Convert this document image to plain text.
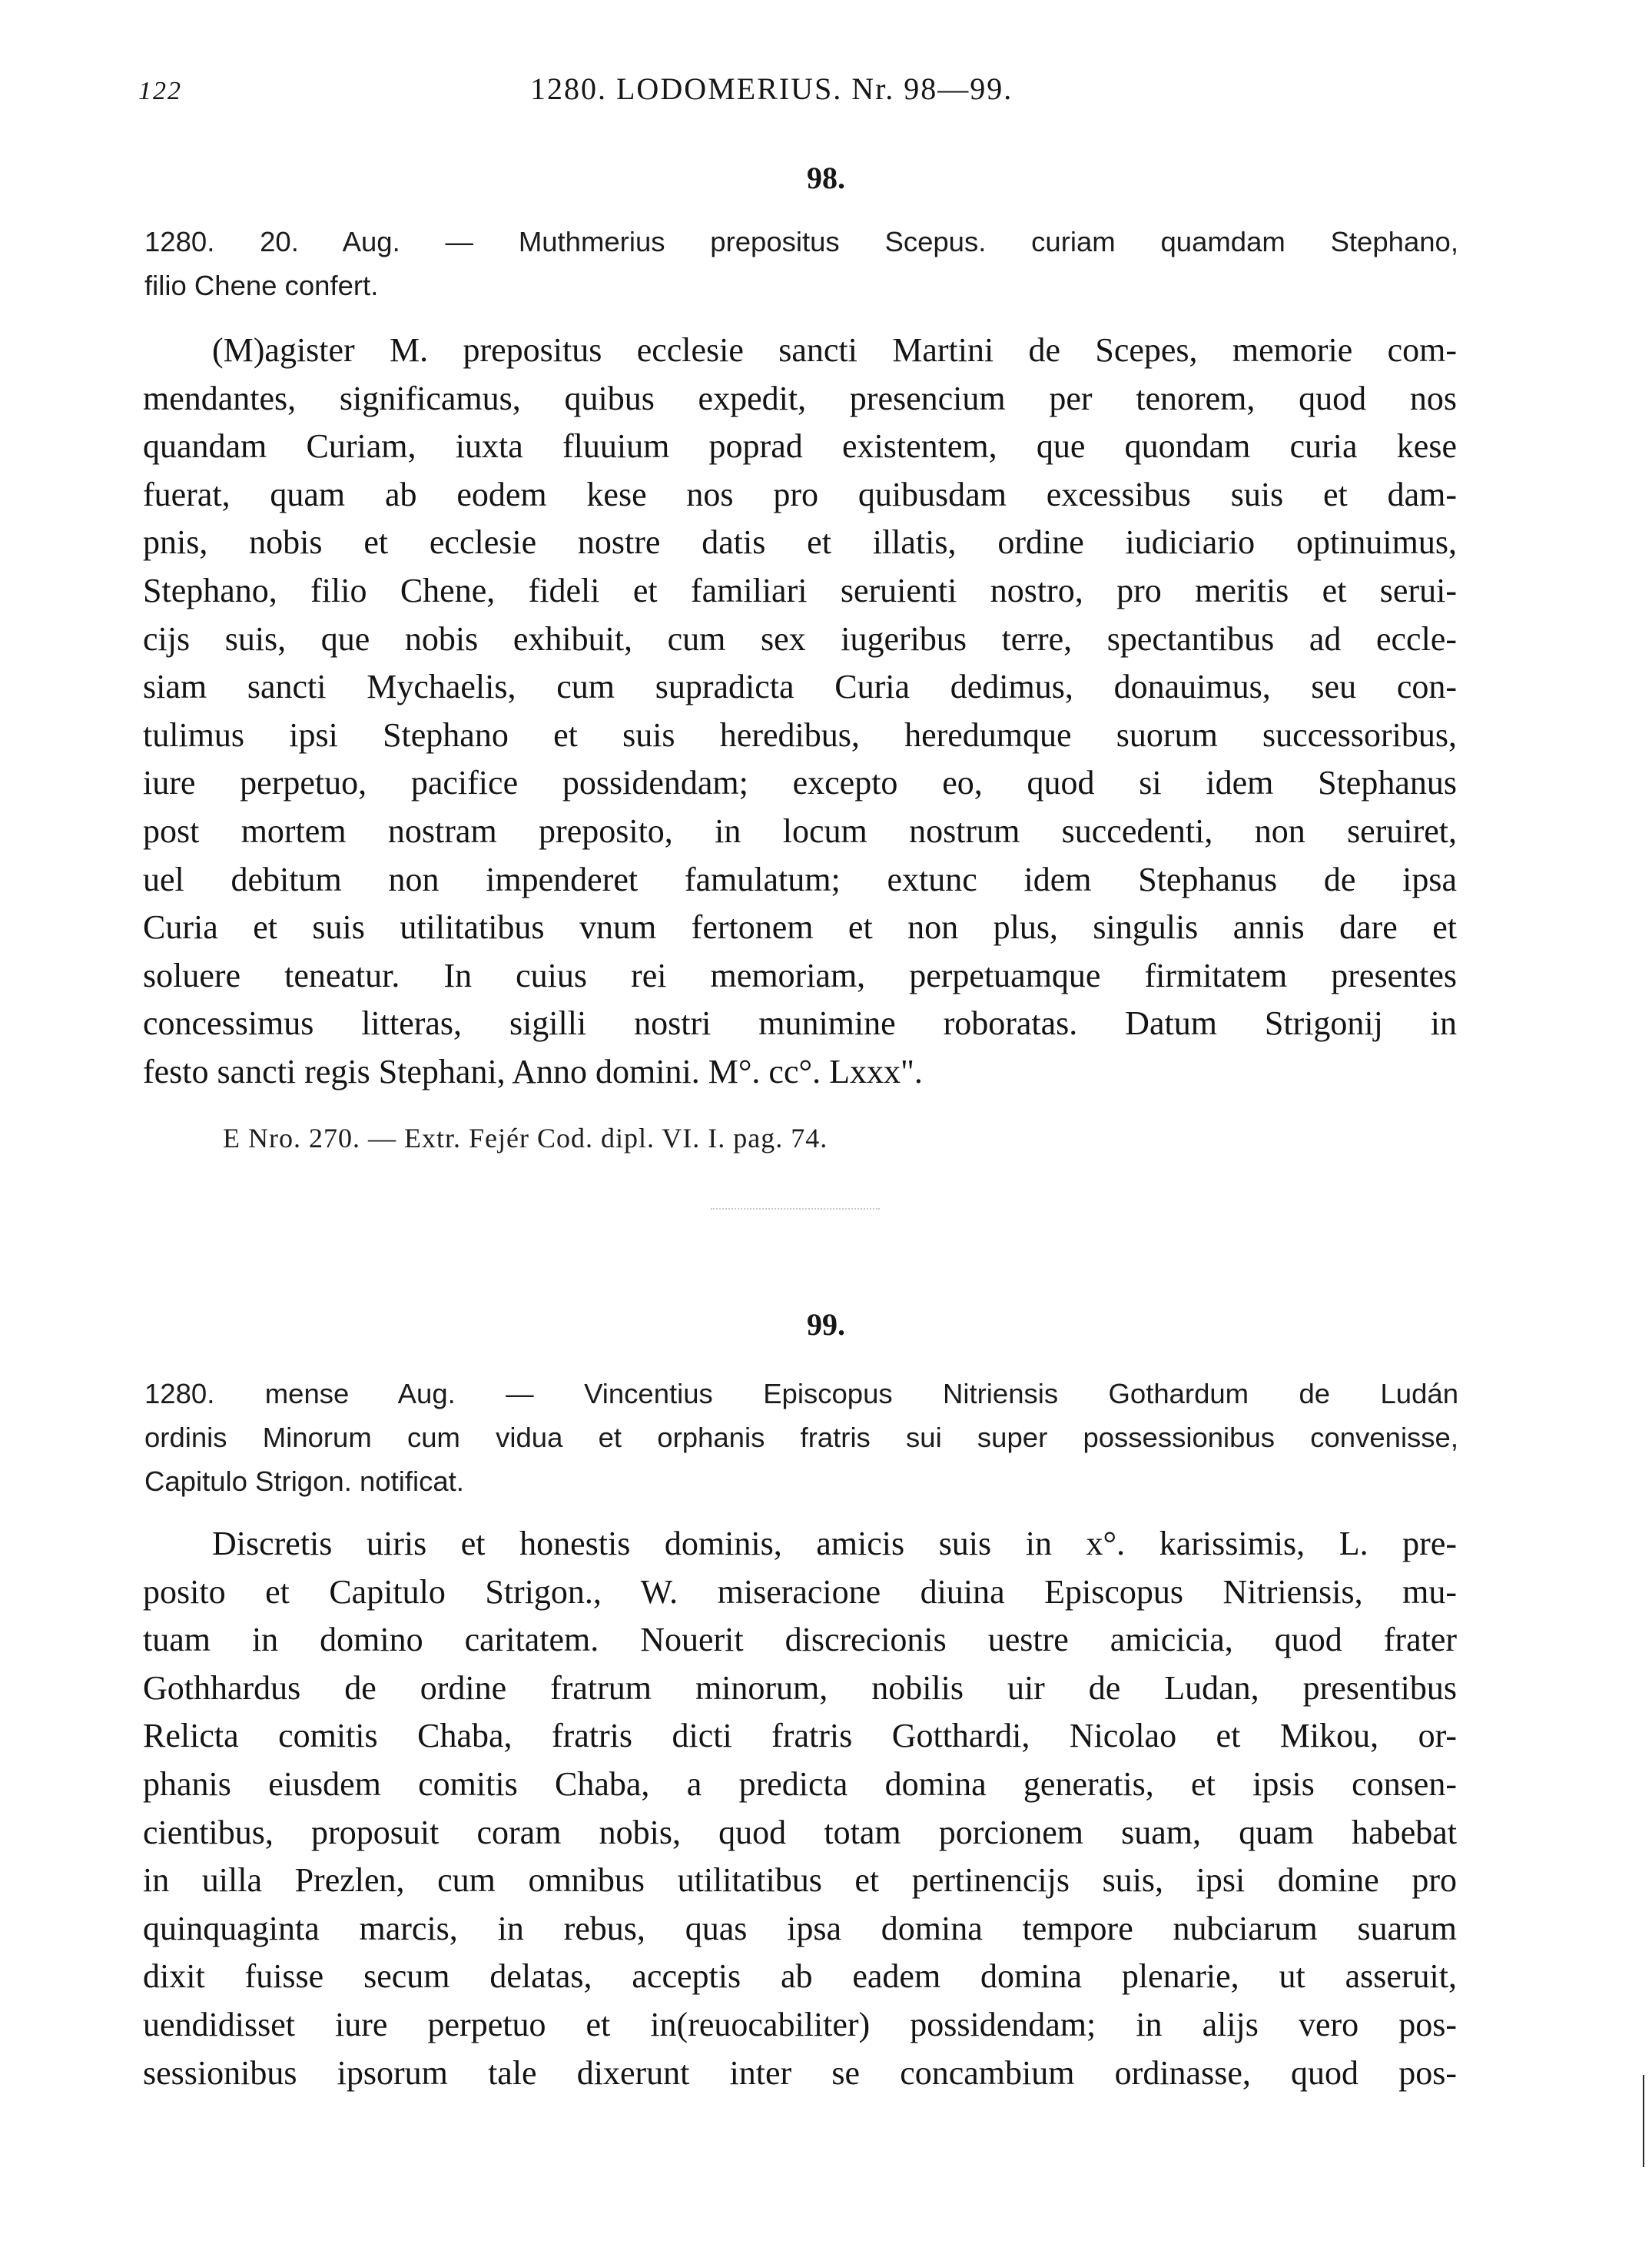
122	1280. LODOMERIUS. Nr. 98—99.
98.
1280. 20. Aug. — Muthmerius prepositus Scepus. curiam quamdam Stephano,
filio Chene confert.
(M)agister M. prepositus ecclesie sancti Martini de Scepes, memorie com-
mendantes, significamus, quibus expedit, presencium per tenorem, quod nos
quandam Curiam, iuxta fluuium poprad existentem, que quondam curia kese
fuerat, quam ab eodem kese nos pro quibusdam excessibus suis et dam-
pnis, nobis et ecclesie nostre datis et illatis, ordine iudiciario optinuimus,
Stephano, filio Chene, fideli et familiari seruienti nostro, pro meritis et serui-
cijs suis, que nobis exhibuit, cum sex iugeribus terre, spectantibus ad eccle-
siam sancti Mychaelis, cum supradicta Curia dedimus, donauimus, seu con-
tulimus ipsi Stephano et suis heredibus, heredumque suorum successoribus,
iure perpetuo, pacifice possidendam; excepto eo, quod si idem Stephanus
post mortem nostram preposito, in locum nostrum succedenti, non seruiret,
uel debitum non impenderet famulatum; extunc idem Stephanus de ipsa
Curia et suis utilitatibus vnum fertonem et non plus, singulis annis dare et
soluere teneatur. In cuius rei memoriam, perpetuamque firmitatem presentes
concessimus litteras, sigilli nostri munimine roboratas. Datum Strigonij in
festo sancti regis Stephani, Anno domini. M°. cc°. Lxxx".
E Nro. 270. — Extr. Fejér Cod. dipl. VI. I. pag. 74.
99.
1280. mense Aug. — Vincentius Episcopus Nitriensis Gothardum de Ludán
ordinis Minorum cum vidua et orphanis fratris sui super possessionibus convenisse,
Capitulo Strigon. notificat.
Discretis uiris et honestis dominis, amicis suis in x°. karissimis, L. pre-
posito et Capitulo Strigon., W. miseracione diuina Episcopus Nitriensis, mu-
tuam in domino caritatem. Nouerit discrecionis uestre amicicia, quod frater
Gothhardus de ordine fratrum minorum, nobilis uir de Ludan, presentibus
Relicta comitis Chaba, fratris dicti fratris Gotthardi, Nicolao et Mikou, or-
phanis eiusdem comitis Chaba, a predicta domina generatis, et ipsis consen-
cientibus, proposuit coram nobis, quod totam porcionem suam, quam habebat
in uilla Prezlen, cum omnibus utilitatibus et pertinencijs suis, ipsi domine pro
quinquaginta marcis, in rebus, quas ipsa domina tempore nubciarum suarum
dixit fuisse secum delatas, acceptis ab eadem domina plenarie, ut asseruit,
uendidisset iure perpetuo et in(reuocabiliter) possidendam; in alijs vero pos-
sessionibus ipsorum tale dixerunt inter se concambium ordinasse, quod pos-
